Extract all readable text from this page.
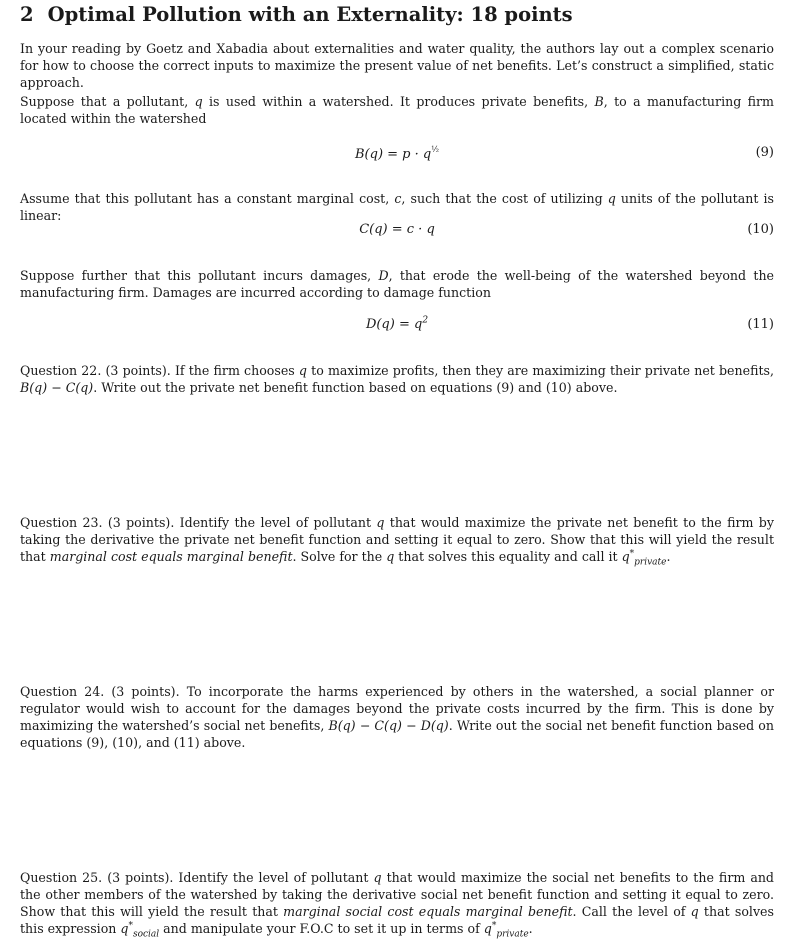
2 Optimal Pollution with an Externality: 18 points
In your reading by Goetz and Xabadia about externalities and water quality, the authors lay out a complex scenario for how to choose the correct inputs to maximize the present value of net benefits. Let’s construct a simplified, static approach.
Suppose that a pollutant, q is used within a watershed. It produces private benefits, B, to a manufacturing firm located within the watershed
$B(q) = p \cdot q^{\frac{1}{2}}$	(9)
Assume that this pollutant has a constant marginal cost, c, such that the cost of utilizing q units of the pollutant is linear:
C(q) = c · q	(10)
Suppose further that this pollutant incurs damages, D, that erode the well-being of the watershed beyond the manufacturing firm. Damages are incurred according to damage function
$D(q) = q^2$	(11)
Question 22. (3 points). If the firm chooses q to maximize profits, then they are maximizing their private net benefits, B(q) − C(q). Write out the private net benefit function based on equations (9) and (10) above.
Question 23. (3 points). Identify the level of pollutant q that would maximize the private net benefit to the firm by taking the derivative the private net benefit function and setting it equal to zero. Show that this will yield the result that marginal cost equals marginal benefit. Solve for the q that solves this equality and call it $q^*_{private}$.
Question 24. (3 points). To incorporate the harms experienced by others in the watershed, a social planner or regulator would wish to account for the damages beyond the private costs incurred by the firm. This is done by maximizing the watershed’s social net benefits, B(q) − C(q) − D(q). Write out the social net benefit function based on equations (9), (10), and (11) above.
Question 25. (3 points). Identify the level of pollutant q that would maximize the social net benefits to the firm and the other members of the watershed by taking the derivative social net benefit function and setting it equal to zero. Show that this will yield the result that marginal social cost equals marginal benefit. Call the level of q that solves this expression $q^*_{social}$ and manipulate your F.O.C to set it up in terms of $q^*_{private}$.
